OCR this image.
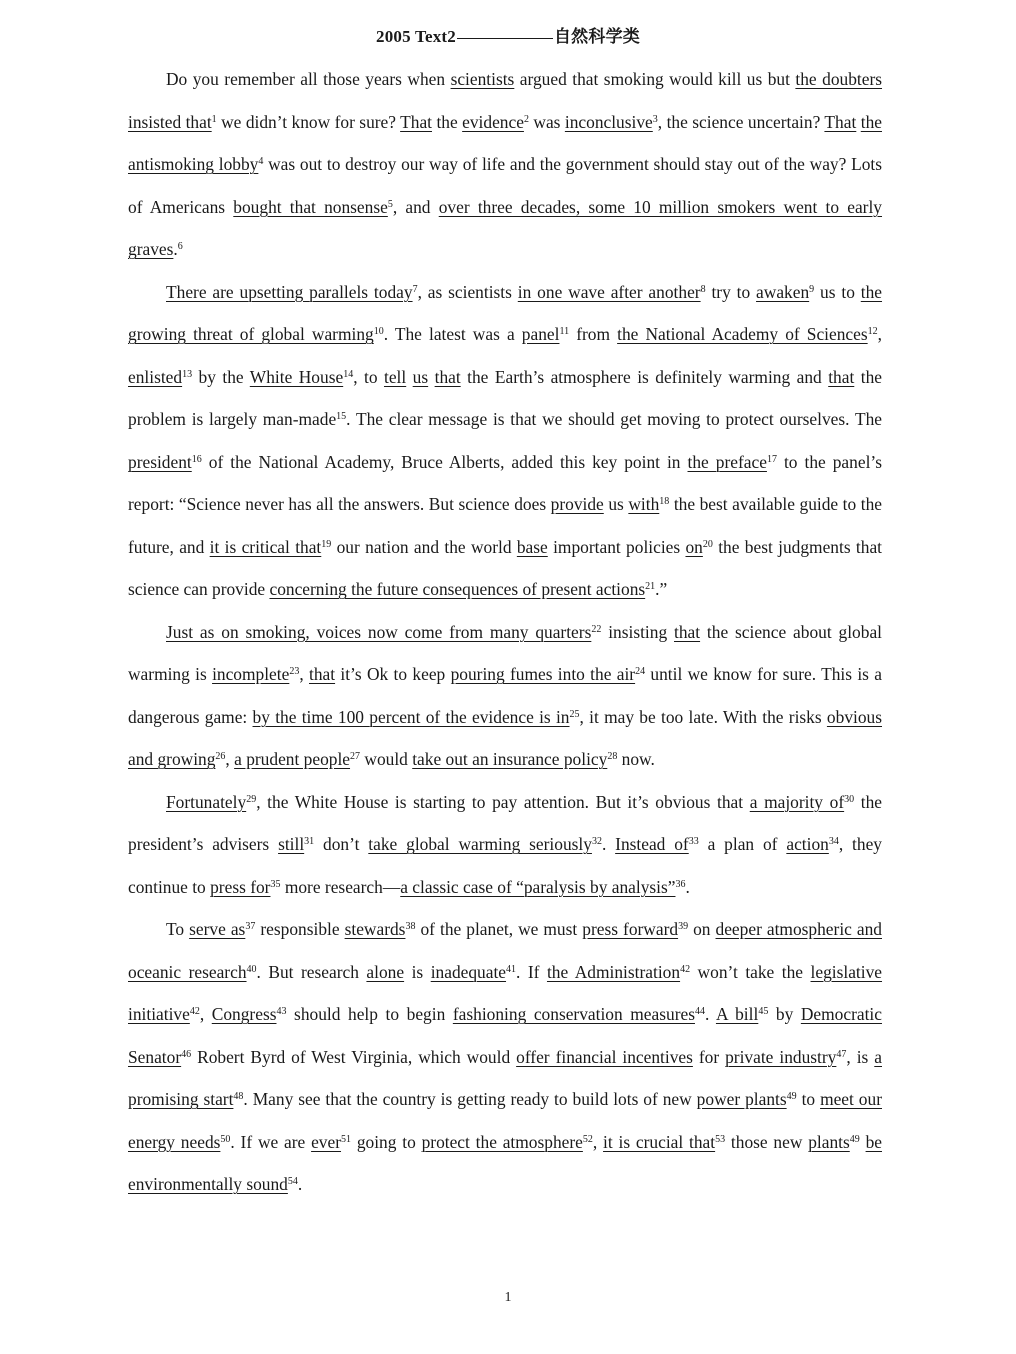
2005 Text2	自然科学类

Do you remember all those years when scientists argued that smoking would kill us but the doubters insisted that$^1$ we didn’t know for sure? That the evidence$^2$ was inconclusive$^3$, the science uncertain? That the antismoking lobby$^4$ was out to destroy our way of life and the government should stay out of the way? Lots of Americans bought that nonsense$^5$, and over three decades, some 10 million smokers went to early graves.$^6$

There are upsetting parallels today$^7$, as scientists in one wave after another$^8$ try to awaken$^9$ us to the growing threat of global warming$^{10}$. The latest was a panel$^{11}$ from the National Academy of Sciences$^{12}$, enlisted$^{13}$ by the White House$^{14}$, to tell us that the Earth’s atmosphere is definitely warming and that the problem is largely man-made$^{15}$. The clear message is that we should get moving to protect ourselves. The president$^{16}$ of the National Academy, Bruce Alberts, added this key point in the preface$^{17}$ to the panel’s report: “Science never has all the answers. But science does provide us with$^{18}$ the best available guide to the future, and it is critical that$^{19}$ our nation and the world base important policies $on^{20}$ the best judgments that science can provide concerning the future consequences of present actions$^{21}$.”

Just as on smoking, voices now come from many quarters$^{22}$ insisting that the science about global warming is incomplete$^{23}$, that it’s Ok to keep pouring fumes into the air$^{24}$ until we know for sure. This is a dangerous game: by the time 100 percent of the evidence is $in^{25}$, it may be too late. With the risks obvious and growing$^{26}$, a prudent people$^{27}$ would take out an insurance policy$^{28}$ now.

Fortunately$^{29}$, the White House is starting to pay attention. But it’s obvious that a majority $of^{30}$ the president’s advisers still$^{31}$ don’t take global warming seriously$^{32}$. Instead $of^{33}$ a plan of action$^{34}$, they continue to press for$^{35}$ more research—a classic case of “paralysis by analysis”$^{36}$.

To serve $as^{37}$ responsible stewards$^{38}$ of the planet, we must press forward$^{39}$ on deeper atmospheric and oceanic research$^{40}$. But research alone is inadequate$^{41}$. If the Administration$^{42}$ won’t take the legislative initiative$^{42}$, Congress$^{43}$ should help to begin fashioning conservation measures$^{44}$. A bill$^{45}$ by Democratic Senator$^{46}$ Robert Byrd of West Virginia, which would offer financial incentives for private industry$^{47}$, is a promising start$^{48}$. Many see that the country is getting ready to build lots of new power plants$^{49}$ to meet our energy needs$^{50}$. If we are ever$^{51}$ going to protect the atmosphere$^{52}$, it is crucial that$^{53}$ those new plants$^{49}$ be environmentally sound$^{54}$.

1
